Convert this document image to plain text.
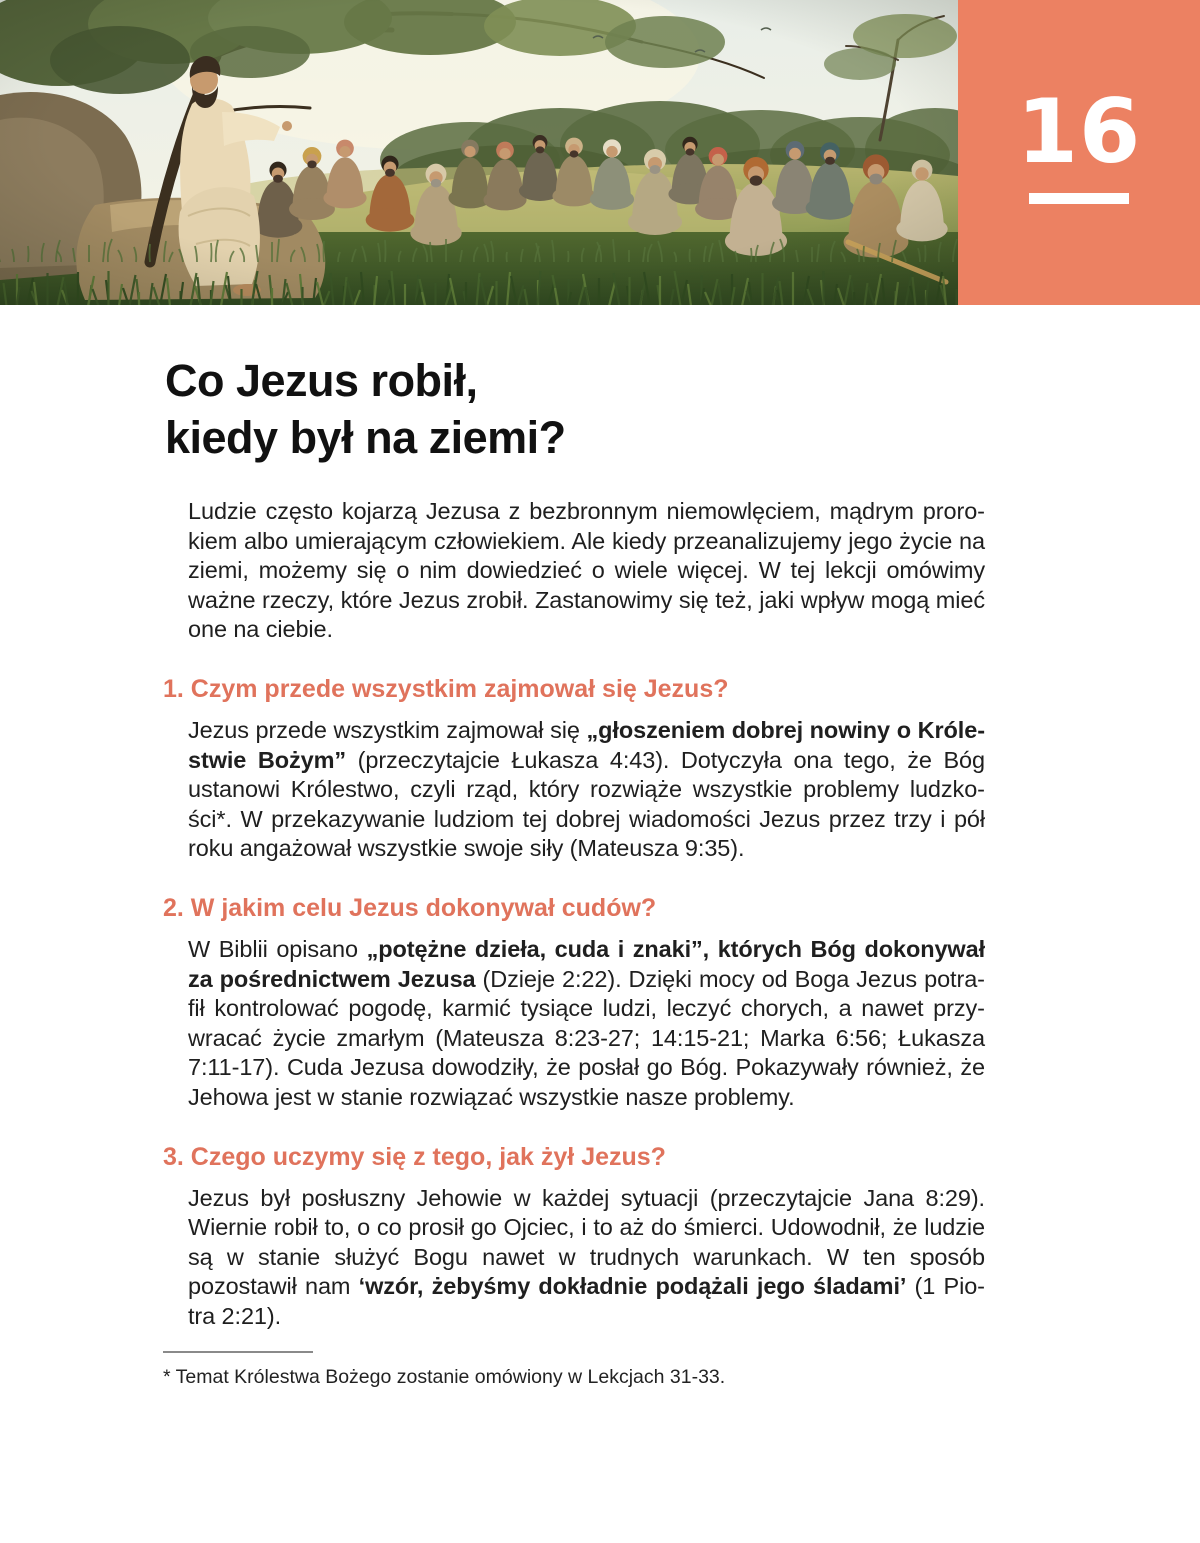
16
Co Jezus robił,
kiedy był na ziemi?
Ludzie często kojarzą Jezusa z bezbronnym niemowlęciem, mądrym prorokiem albo umierającym człowiekiem. Ale kiedy przeanalizujemy jego życie na ziemi, możemy się o nim dowiedzieć o wiele więcej. W tej lekcji omówimy ważne rzeczy, które Jezus zrobił. Zastanowimy się też, jaki wpływ mogą mieć one na ciebie.
1. Czym przede wszystkim zajmował się Jezus?
Jezus przede wszystkim zajmował się „głoszeniem dobrej nowiny o Królestwie Bożym” (przeczytajcie Łukasza 4:43). Dotyczyła ona tego, że Bóg ustanowi Królestwo, czyli rząd, który rozwiąże wszystkie problemy ludzkości*. W przekazywanie ludziom tej dobrej wiadomości Jezus przez trzy i pół roku angażował wszystkie swoje siły (Mateusza 9:35).
2. W jakim celu Jezus dokonywał cudów?
W Biblii opisano „potężne dzieła, cuda i znaki”, których Bóg dokonywał za pośrednictwem Jezusa (Dzieje 2:22). Dzięki mocy od Boga Jezus potrafił kontrolować pogodę, karmić tysiące ludzi, leczyć chorych, a nawet przywracać życie zmarłym (Mateusza 8:23-27; 14:15-21; Marka 6:56; Łukasza 7:11-17). Cuda Jezusa dowodziły, że posłał go Bóg. Pokazywały również, że Jehowa jest w stanie rozwiązać wszystkie nasze problemy.
3. Czego uczymy się z tego, jak żył Jezus?
Jezus był posłuszny Jehowie w każdej sytuacji (przeczytajcie Jana 8:29). Wiernie robił to, o co prosił go Ojciec, i to aż do śmierci. Udowodnił, że ludzie są w stanie służyć Bogu nawet w trudnych warunkach. W ten sposób pozostawił nam ‘wzór, żebyśmy dokładnie podążali jego śladami’ (1 Piotra 2:21).
* Temat Królestwa Bożego zostanie omówiony w Lekcjach 31-33.
